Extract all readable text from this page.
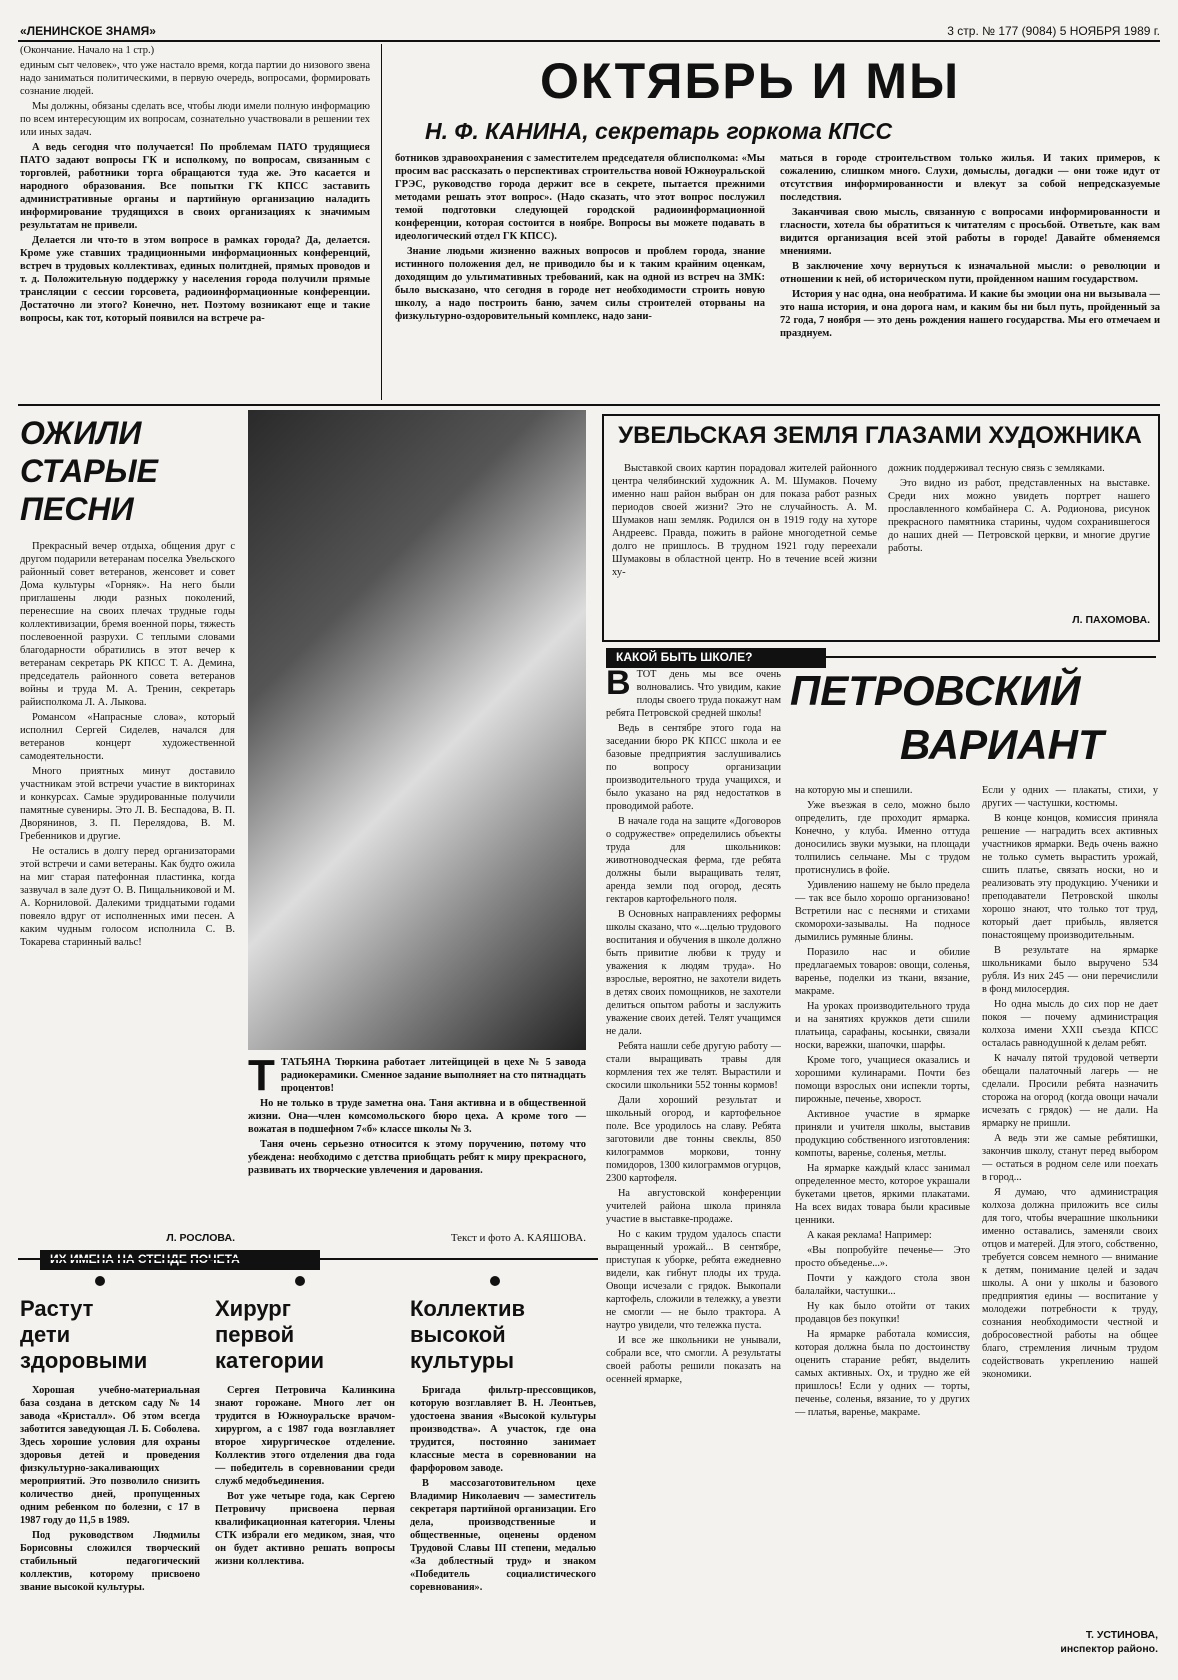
«ЛЕНИНСКОЕ ЗНАМЯ»	3 стр. № 177 (9084) 5 НОЯБРЯ 1989 г.

(Окончание. Начало на 1 стр.)

единым сыт человек», что уже настало время, когда партии до низового звена надо заниматься политическими, в первую очередь, вопросами, формировать сознание людей.

Мы должны, обязаны сделать все, чтобы люди имели полную информацию по всем интересующим их вопросам, сознательно участвовали в решении тех или иных задач.

А ведь сегодня что получается! По проблемам ПАТО трудящиеся ПАТО задают вопросы ГК и исполкому, по вопросам, связанным с торговлей, работники торга обращаются туда же. Это касается и народного образования. Все попытки ГК КПСС заставить административные органы и партийную организацию наладить информирование трудящихся в своих организациях к значимым результатам не привели.

Делается ли что-то в этом вопросе в рамках города? Да, делается. Кроме уже ставших традиционными информационных конференций, встреч в трудовых коллективах, единых политдней, прямых проводов и т. д. Положительную поддержку у населения города получили прямые трансляции с сессии горсовета, радиоинформационные конференции. Достаточно ли этого? Конечно, нет. Поэтому возникают еще и такие вопросы, как тот, который появился на встрече ра-

ОКТЯБРЬ И МЫ
Н. Ф. КАНИНА, секретарь горкома КПСС

ботников здравоохранения с заместителем председателя облисполкома: «Мы просим вас рассказать о перспективах строительства новой Южноуральской ГРЭС, руководство города держит все в секрете, пытается прежними методами решать этот вопрос». (Надо сказать, что этот вопрос послужил темой подготовки следующей городской радиоинформационной конференции, которая состоится в ноябре. Вопросы вы можете подавать в идеологический отдел ГК КПСС).

Знание людьми жизненно важных вопросов и проблем города, знание истинного положения дел, не приводило бы и к таким крайним оценкам, доходящим до ультимативных требований, как на одной из встреч на ЗМК: было высказано, что сегодня в городе нет необходимости строить новую школу, а надо построить баню, зачем силы строителей оторваны на физкультурно-оздоровительный комплекс, надо зани-

маться в городе строительством только жилья. И таких примеров, к сожалению, слишком много. Слухи, домыслы, догадки — они тоже идут от отсутствия информированности и влекут за собой непредсказуемые последствия.

Заканчивая свою мысль, связанную с вопросами информированности и гласности, хотела бы обратиться к читателям с просьбой. Ответьте, как вам видится организация всей этой работы в городе! Давайте обменяемся мнениями.

В заключение хочу вернуться к изначальной мысли: о революции и отношении к ней, об историческом пути, пройденном нашим государством.

История у нас одна, она необратима. И какие бы эмоции она ни вызывала — это наша история, и она дорога нам, и каким бы ни был путь, пройденный за 72 года, 7 ноября — это день рождения нашего государства. Мы его отмечаем и празднуем.

ОЖИЛИ
СТАРЫЕ
ПЕСНИ

Прекрасный вечер отдыха, общения друг с другом подарили ветеранам поселка Увельского районный совет ветеранов, женсовет и совет Дома культуры «Горняк». На него были приглашены люди разных поколений, перенесшие на своих плечах трудные годы коллективизации, бремя военной поры, тяжесть послевоенной разрухи. С теплыми словами благодарности обратились в этот вечер к ветеранам секретарь РК КПСС Т. А. Демина, председатель районного совета ветеранов войны и труда М. А. Тренин, секретарь райисполкома Л. А. Лыкова.

Романсом «Напрасные слова», который исполнил Сергей Сиделев, начался для ветеранов концерт художественной самодеятельности.

Много приятных минут доставило участникам этой встречи участие в викторинах и конкурсах. Самые эрудированные получили памятные сувениры. Это Л. В. Беспадова, В. П. Дворянинов, З. П. Перелядова, В. М. Гребенников и другие.

Не остались в долгу перед организаторами этой встречи и сами ветераны. Как будто ожила на миг старая патефонная пластинка, когда зазвучал в зале дуэт О. В. Пищальниковой и М. А. Корниловой. Далекими тридцатыми годами повеяло вдруг от исполненных ими песен. А каким чудным голосом исполнила С. В. Токарева старинный вальс!

Л. РОСЛОВА.
Т ТАТЬЯНА Тюркина работает литейщицей в цехе № 5 завода радиокерамики. Сменное задание выполняет на сто пятнадцать процентов!

Но не только в труде заметна она. Таня активна и в общественной жизни. Она—член комсомольского бюро цеха. А кроме того — вожатая в подшефном 7«б» классе школы № 3.

Таня очень серьезно относится к этому поручению, потому что убеждена: необходимо с детства приобщать ребят к миру прекрасного, развивать их творческие увлечения и дарования.

Текст и фото А. КАЯШОВА.
УВЕЛЬСКАЯ ЗЕМЛЯ ГЛАЗАМИ ХУДОЖНИКА

Выставкой своих картин порадовал жителей районного центра челябинский художник А. М. Шумаков. Почему именно наш район выбран он для показа работ разных периодов своей жизни? Это не случайность. А. М. Шумаков наш земляк. Родился он в 1919 году на хуторе Андреевс. Правда, пожить в районе многодетной семье долго не пришлось. В трудном 1921 году переехали Шумаковы в областной центр. Но в течение всей жизни ху-

дожник поддерживал тесную связь с земляками.

Это видно из работ, представленных на выставке. Среди них можно увидеть портрет нашего прославленного комбайнера С. А. Родионова, рисунок прекрасного памятника старины, чудом сохранившегося до наших дней — Петровской церкви, и многие другие работы.

Л. ПАХОМОВА.
КАКОЙ БЫТЬ ШКОЛЕ?
ПЕТРОВСКИЙ
ВАРИАНТ
В ТОТ день мы все очень волновались. Что увидим, какие плоды своего труда покажут нам ребята Петровской средней школы!

Ведь в сентябре этого года на заседании бюро РК КПСС школа и ее базовые предприятия заслушивались по вопросу организации производительного труда учащихся, и было указано на ряд недостатков в проводимой работе.

В начале года на защите «Договоров о содружестве» определились объекты труда для школьников: животноводческая ферма, где ребята должны были выращивать телят, аренда земли под огород, десять гектаров картофельного поля.

В Основных направлениях реформы школы сказано, что «...целью трудового воспитания и обучения в школе должно быть привитие любви к труду и уважения к людям труда». Но взрослые, вероятно, не захотели видеть в детях своих помощников, не захотели делиться опытом работы и заслужить уважение своих детей. Телят учащимся не дали.

Ребята нашли себе другую работу — стали выращивать травы для кормления тех же телят. Вырастили и скосили школьники 552 тонны кормов!

Дали хороший результат и школьный огород, и картофельное поле. Все уродилось на славу. Ребята заготовили две тонны свеклы, 850 килограммов моркови, тонну помидоров, 1300 килограммов огурцов, 2300 картофеля.

На августовской конференции учителей района школа приняла участие в выставке-продаже.

Но с каким трудом удалось спасти выращенный урожай... В сентябре, приступая к уборке, ребята ежедневно видели, как гибнут плоды их труда. Овощи исчезали с грядок. Выкопали картофель, сложили в тележку, а увезти не смогли — не было трактора. А наутро увидели, что тележка пуста.

И все же школьники не унывали, собрали все, что смогли. А результаты своей работы решили показать на осенней ярмарке,

на которую мы и спешили.

Уже въезжая в село, можно было определить, где проходит ярмарка. Конечно, у клуба. Именно оттуда доносились звуки музыки, на площади толпились сельчане. Мы с трудом протиснулись в фойе.

Удивлению нашему не было предела — так все было хорошо организовано! Встретили нас с песнями и стихами скоморохи-зазывалы. На подносе дымились румяные блины.

Поразило нас и обилие предлагаемых товаров: овощи, соленья, варенье, поделки из ткани, вязание, макраме.

На уроках производительного труда и на занятиях кружков дети сшили платьица, сарафаны, косынки, связали носки, варежки, шапочки, шарфы.

Кроме того, учащиеся оказались и хорошими кулинарами. Почти без помощи взрослых они испекли торты, пирожные, печенье, хворост.

Активное участие в ярмарке приняли и учителя школы, выставив продукцию собственного изготовления: компоты, варенье, соленья, метлы.

На ярмарке каждый класс занимал определенное место, которое украшали букетами цветов, яркими плакатами. На всех видах товара были красивые ценники.

А какая реклама! Например:

«Вы попробуйте печенье— Это просто объеденье...».

Почти у каждого стола звон балалайки, частушки...

Ну как было отойти от таких продавцов без покупки!

На ярмарке работала комиссия, которая должна была по достоинству оценить старание ребят, выделить самых активных. Ох, и трудно же ей пришлось! Если у одних — торты, печенье, соленья, вязание, то у других — платья, варенье, макраме.

Если у одних — плакаты, стихи, у других — частушки, костюмы.

В конце концов, комиссия приняла решение — наградить всех активных участников ярмарки. Ведь очень важно не только суметь вырастить урожай, сшить платье, связать носки, но и реализовать эту продукцию. Ученики и преподаватели Петровской школы хорошо знают, что только тот труд, который дает прибыль, является понастоящему производительным.

В результате на ярмарке школьниками было выручено 534 рубля. Из них 245 — они перечислили в фонд милосердия.

Но одна мысль до сих пор не дает покоя — почему администрация колхоза имени XXII съезда КПСС осталась равнодушной к делам ребят.

К началу пятой трудовой четверти обещали палаточный лагерь — не сделали. Просили ребята назначить сторожа на огород (когда овощи начали исчезать с грядок) — не дали. На ярмарку не пришли.

А ведь эти же самые ребятишки, закончив школу, станут перед выбором — остаться в родном селе или поехать в город...

Я думаю, что администрация колхоза должна приложить все силы для того, чтобы вчерашние школьники именно оставались, заменяли своих отцов и матерей. Для этого, собственно, требуется совсем немного — внимание к детям, понимание целей и задач школы. А они у школы и базового предприятия едины — воспитание у молодежи потребности к труду, сознания необходимости честной и добросовестной работы на общее благо, стремления личным трудом содействовать укреплению нашей экономики.

Т. УСТИНОВА,
инспектор районо.
Растут
дети
здоровыми

Хорошая учебно-материальная база создана в детском саду № 14 завода «Кристалл». Об этом всегда заботится заведующая Л. Б. Соболева. Здесь хорошие условия для охраны здоровья детей и проведения физкультурно-закаливающих мероприятий. Это позволило снизить количество дней, пропущенных одним ребенком по болезни, с 17 в 1987 году до 11,5 в 1989.

Под руководством Людмилы Борисовны сложился творческий стабильный педагогический коллектив, которому присвоено звание высокой культуры.

Хирург
первой
категории

Сергея Петровича Калинкина знают горожане. Много лет он трудится в Южноуральске врачом-хирургом, а с 1987 года возглавляет второе хирургическое отделение. Коллектив этого отделения два года — победитель в соревновании среди служб медобъединения.

Вот уже четыре года, как Сергею Петровичу присвоена первая квалификационная категория. Члены СТК избрали его медиком, зная, что он будет активно решать вопросы жизни коллектива.

Коллектив
высокой
культуры

Бригада фильтр-прессовщиков, которую возглавляет В. Н. Леонтьев, удостоена звания «Высокой культуры производства». А участок, где она трудится, постоянно занимает классные места в соревновании на фарфоровом заводе.

В массозаготовительном цехе Владимир Николаевич — заместитель секретаря партийной организации. Его дела, производственные и общественные, оценены орденом Трудовой Славы III степени, медалью «За доблестный труд» и знаком «Победитель социалистического соревнования».
